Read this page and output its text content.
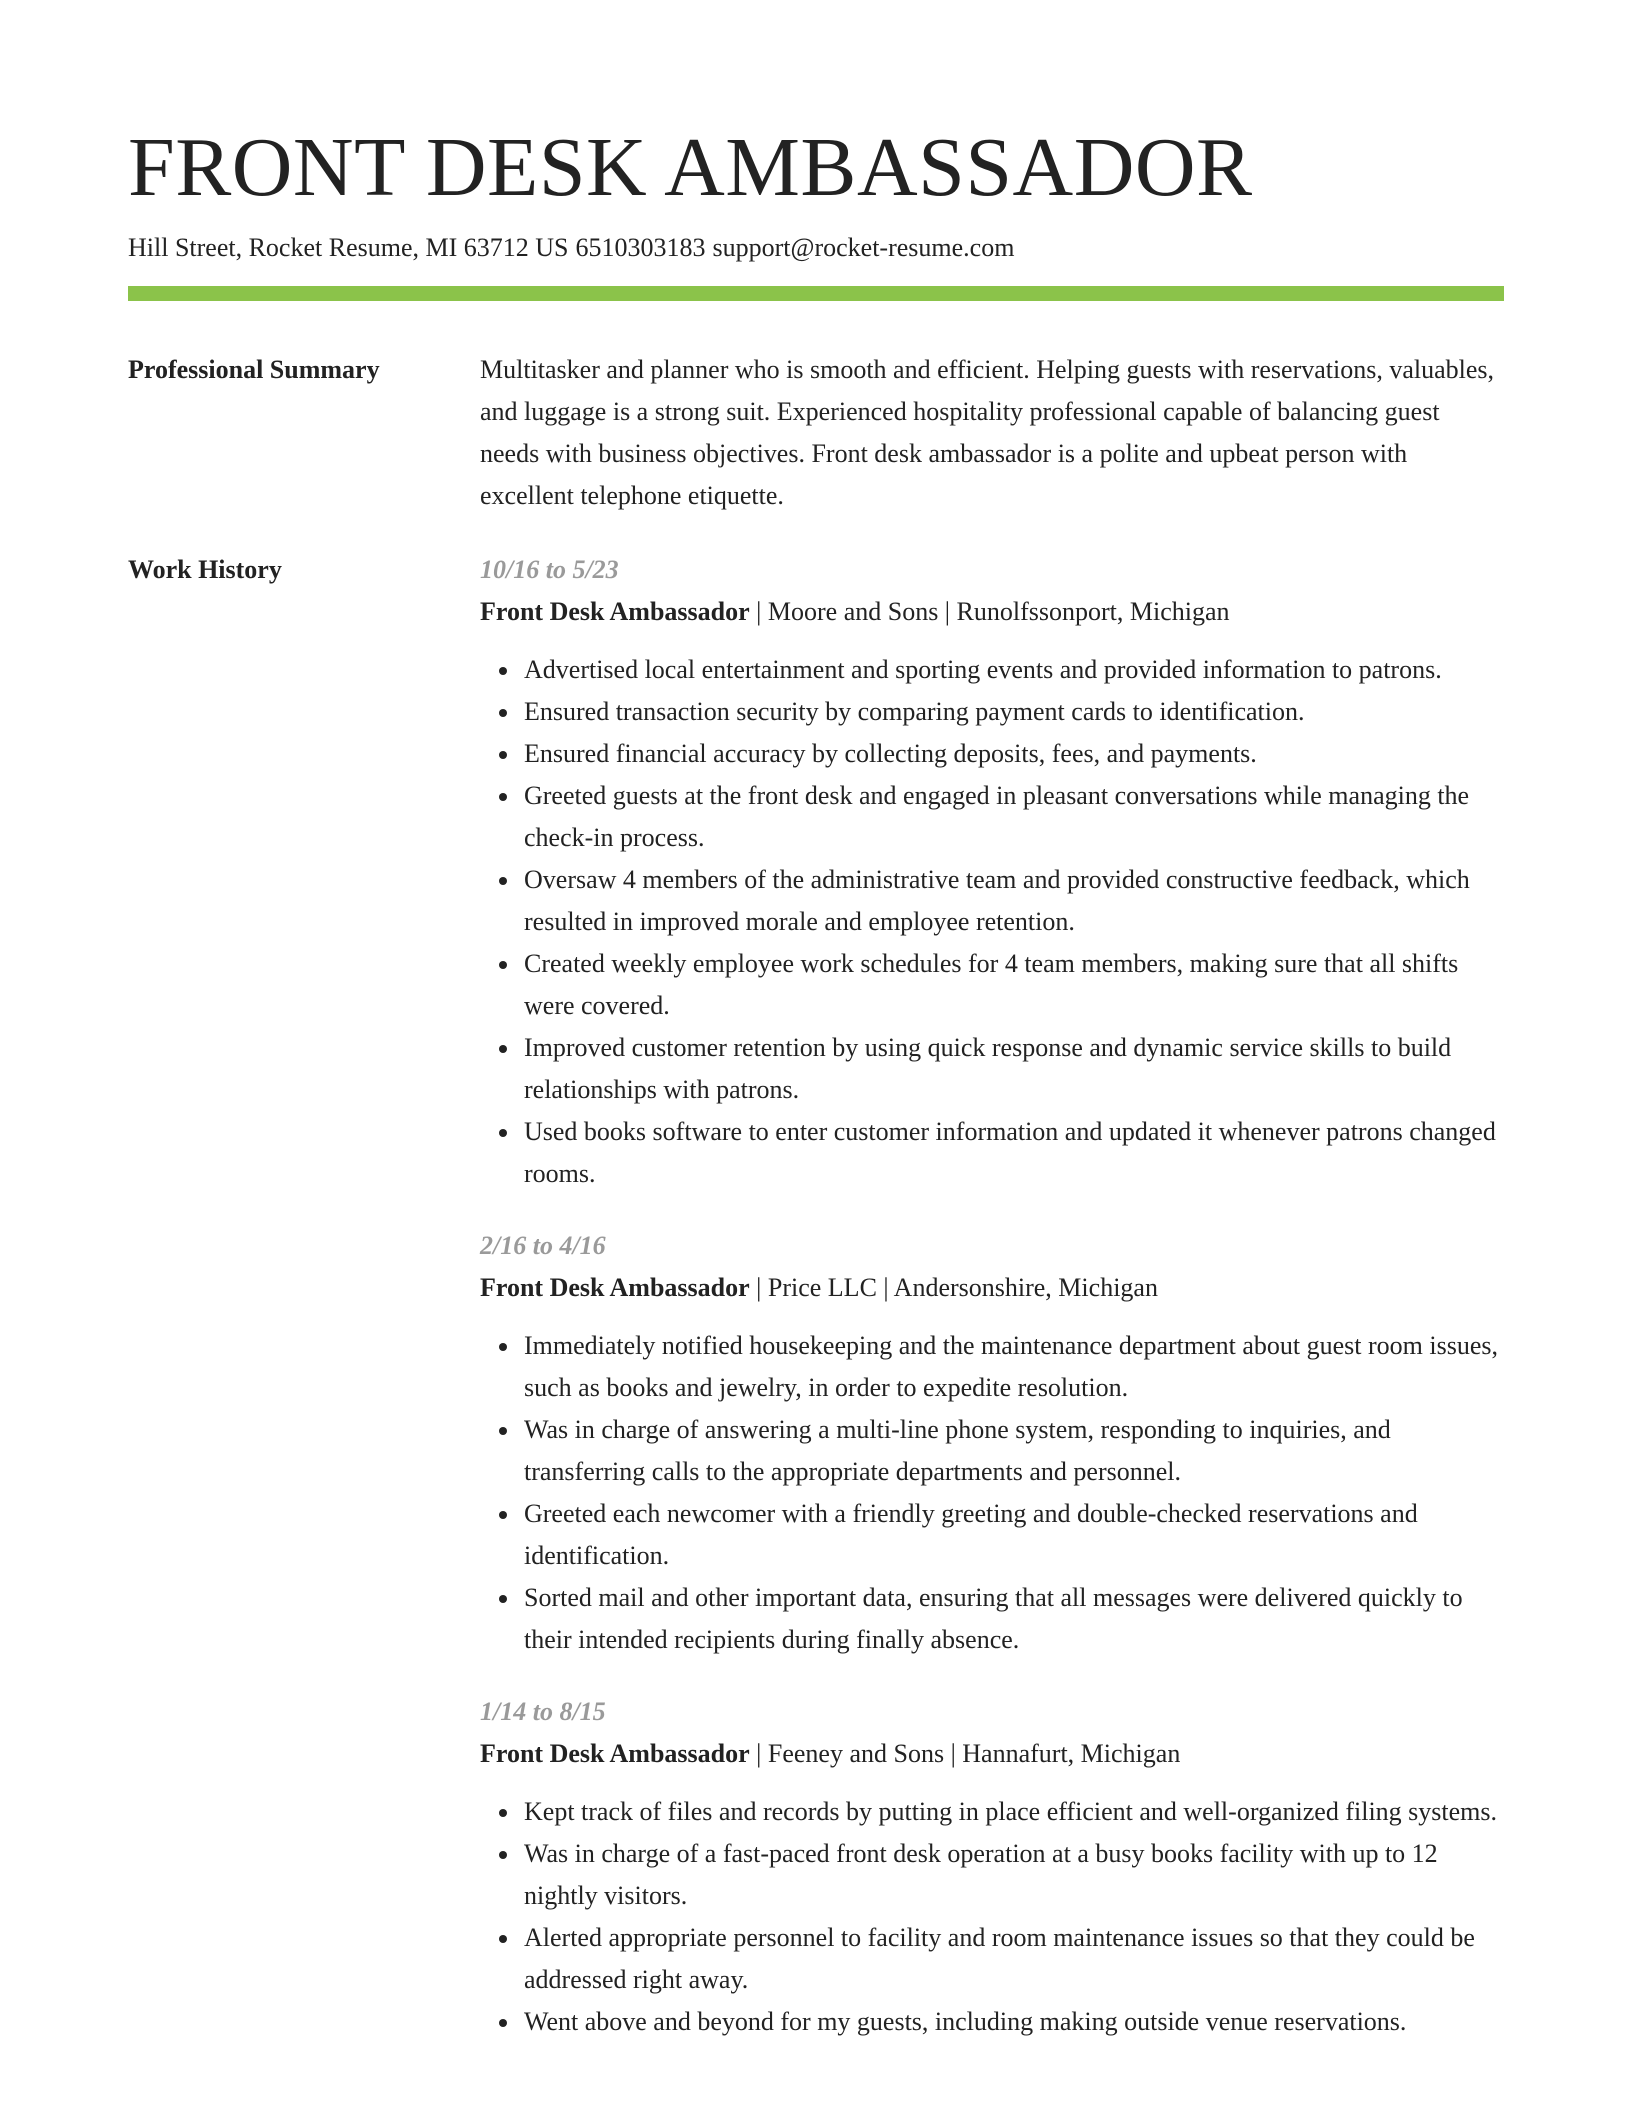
FRONT DESK AMBASSADOR
Hill Street, Rocket Resume, MI 63712 US 6510303183 support@rocket-resume.com
Professional Summary	Multitasker and planner who is smooth and efficient. Helping guests with reservations, valuables, and luggage is a strong suit. Experienced hospitality professional capable of balancing guest needs with business objectives. Front desk ambassador is a polite and upbeat person with excellent telephone etiquette.

Work History	10/16 to 5/23

Front Desk Ambassador | Moore and Sons | Runolfssonport, Michigan

Advertised local entertainment and sporting events and provided information to patrons.
Ensured transaction security by comparing payment cards to identification.
Ensured financial accuracy by collecting deposits, fees, and payments.
Greeted guests at the front desk and engaged in pleasant conversations while managing the check-in process.
Oversaw 4 members of the administrative team and provided constructive feedback, which resulted in improved morale and employee retention.
Created weekly employee work schedules for 4 team members, making sure that all shifts were covered.
Improved customer retention by using quick response and dynamic service skills to build relationships with patrons.
Used books software to enter customer information and updated it whenever patrons changed rooms.

2/16 to 4/16

Front Desk Ambassador | Price LLC | Andersonshire, Michigan

Immediately notified housekeeping and the maintenance department about guest room issues, such as books and jewelry, in order to expedite resolution.
Was in charge of answering a multi-line phone system, responding to inquiries, and transferring calls to the appropriate departments and personnel.
Greeted each newcomer with a friendly greeting and double-checked reservations and identification.
Sorted mail and other important data, ensuring that all messages were delivered quickly to their intended recipients during finally absence.

1/14 to 8/15

Front Desk Ambassador | Feeney and Sons | Hannafurt, Michigan

Kept track of files and records by putting in place efficient and well-organized filing systems.
Was in charge of a fast-paced front desk operation at a busy books facility with up to 12 nightly visitors.
Alerted appropriate personnel to facility and room maintenance issues so that they could be addressed right away.
Went above and beyond for my guests, including making outside venue reservations.
